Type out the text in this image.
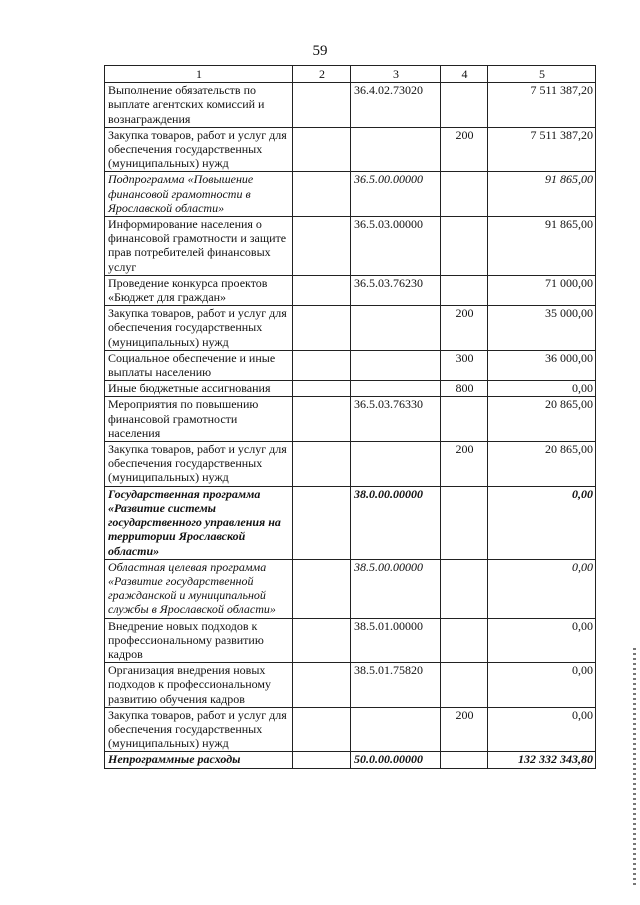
59
1	2	3	4	5
Выполнение обязательств по выплате агентских комиссий и вознаграждения		36.4.02.73020		7 511 387,20
Закупка товаров, работ и услуг для обеспечения государственных (муниципальных) нужд			200	7 511 387,20
Подпрограмма «Повышение финансовой грамотности в Ярославской области»		36.5.00.00000		91 865,00
Информирование населения о финансовой грамотности и защите прав потребителей финансовых услуг		36.5.03.00000		91 865,00
Проведение конкурса проектов «Бюджет для граждан»		36.5.03.76230		71 000,00
Закупка товаров, работ и услуг для обеспечения государственных (муниципальных) нужд			200	35 000,00
Социальное обеспечение и иные выплаты населению			300	36 000,00
Иные бюджетные ассигнования			800	0,00
Мероприятия по повышению финансовой грамотности населения		36.5.03.76330		20 865,00
Закупка товаров, работ и услуг для обеспечения государственных (муниципальных) нужд			200	20 865,00
Государственная программа «Развитие системы государственного управления на территории Ярославской области»		38.0.00.00000		0,00
Областная целевая программа «Развитие государственной гражданской и муниципальной службы в Ярославской области»		38.5.00.00000		0,00
Внедрение новых подходов к профессиональному развитию кадров		38.5.01.00000		0,00
Организация внедрения новых подходов к профессиональному развитию обучения кадров		38.5.01.75820		0,00
Закупка товаров, работ и услуг для обеспечения государственных (муниципальных) нужд			200	0,00
Непрограммные расходы		50.0.00.00000		132 332 343,80
